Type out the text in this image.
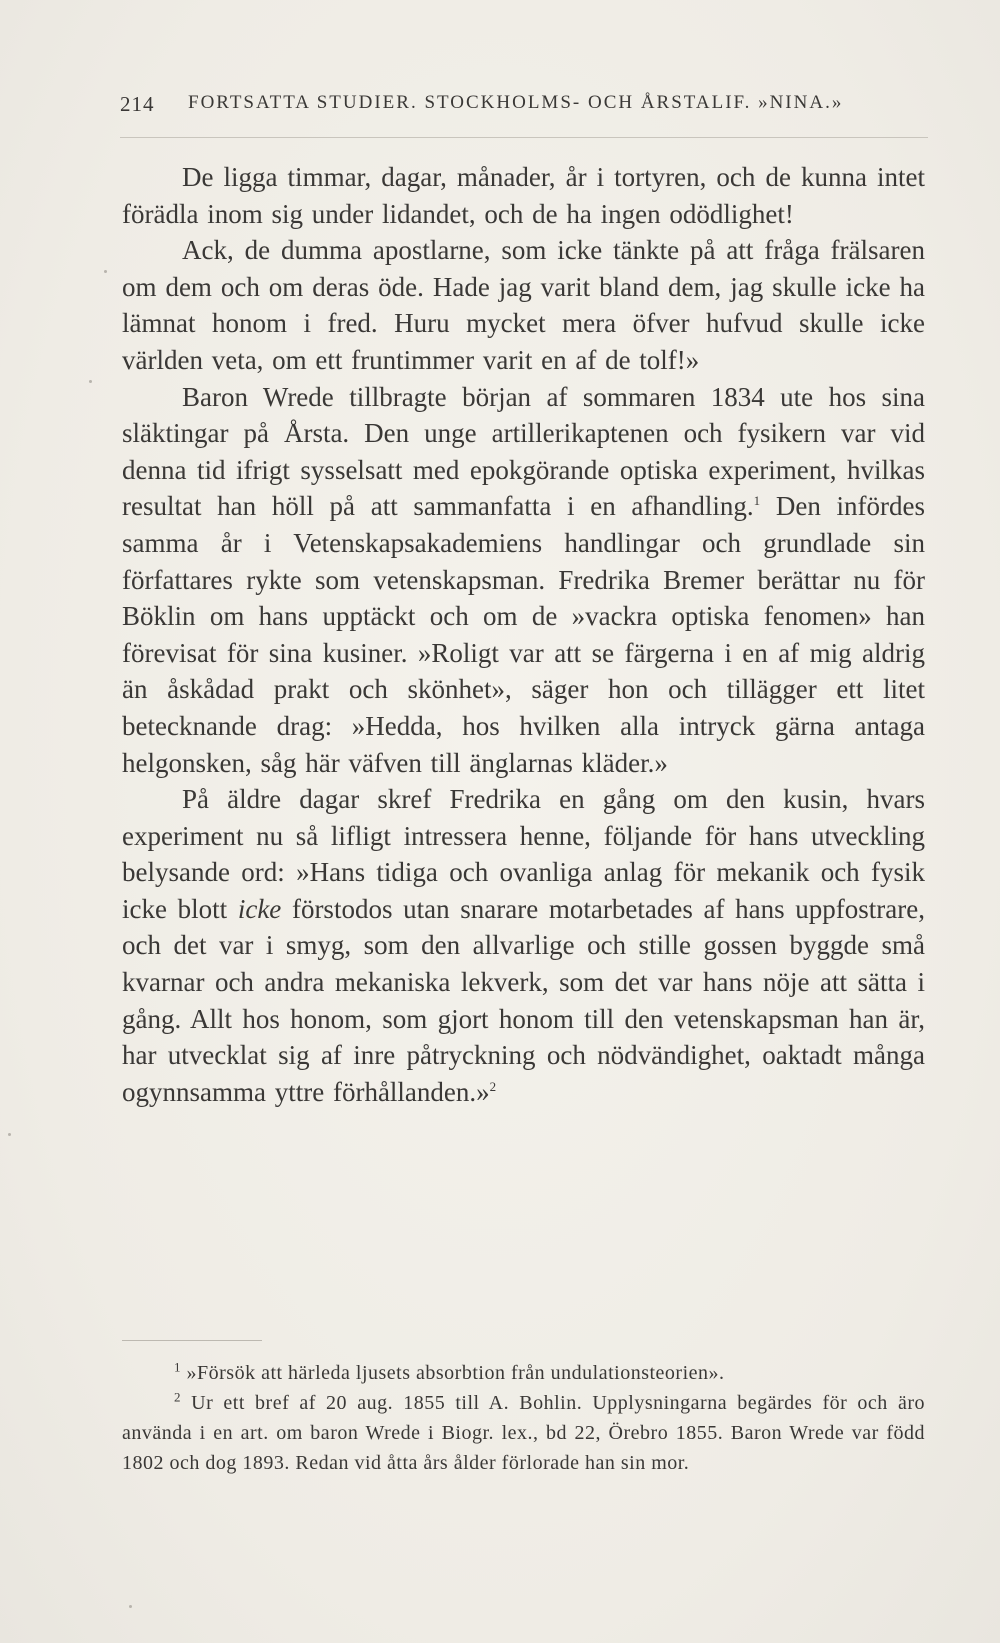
214	FORTSATTA STUDIER. STOCKHOLMS- OCH ÅRSTALIF. »NINA.»

De ligga timmar, dagar, månader, år i tortyren, och de kunna intet förädla inom sig under lidandet, och de ha ingen odödlighet!

Ack, de dumma apostlarne, som icke tänkte på att fråga frälsaren om dem och om deras öde. Hade jag varit bland dem, jag skulle icke ha lämnat honom i fred. Huru mycket mera öfver hufvud skulle icke världen veta, om ett fruntimmer varit en af de tolf!»

Baron Wrede tillbragte början af sommaren 1834 ute hos sina släktingar på Årsta. Den unge artillerikaptenen och fysikern var vid denna tid ifrigt sysselsatt med epokgörande optiska experiment, hvilkas resultat han höll på att sammanfatta i en afhandling.$^1$ Den infördes samma år i Vetenskapsakademiens handlingar och grundlade sin författares rykte som vetenskapsman. Fredrika Bremer berättar nu för Böklin om hans upptäckt och om de »vackra optiska fenomen» han förevisat för sina kusiner. »Roligt var att se färgerna i en af mig aldrig än åskådad prakt och skönhet», säger hon och tillägger ett litet betecknande drag: »Hedda, hos hvilken alla intryck gärna antaga helgonsken, såg här väfven till änglarnas kläder.»

På äldre dagar skref Fredrika en gång om den kusin, hvars experiment nu så lifligt intressera henne, följande för hans utveckling belysande ord: »Hans tidiga och ovanliga anlag för mekanik och fysik icke blott icke förstodos utan snarare motarbetades af hans uppfostrare, och det var i smyg, som den allvarlige och stille gossen byggde små kvarnar och andra mekaniska lekverk, som det var hans nöje att sätta i gång. Allt hos honom, som gjort honom till den vetenskapsman han är, har utvecklat sig af inre påtryckning och nödvändighet, oaktadt många ogynnsamma yttre förhållanden.»$^2$

$^1$ »Försök att härleda ljusets absorbtion från undulationsteorien».

$^2$ Ur ett bref af 20 aug. 1855 till A. Bohlin. Upplysningarna begärdes för och äro använda i en art. om baron Wrede i Biogr. lex., bd 22, Örebro 1855. Baron Wrede var född 1802 och dog 1893. Redan vid åtta års ålder förlorade han sin mor.
